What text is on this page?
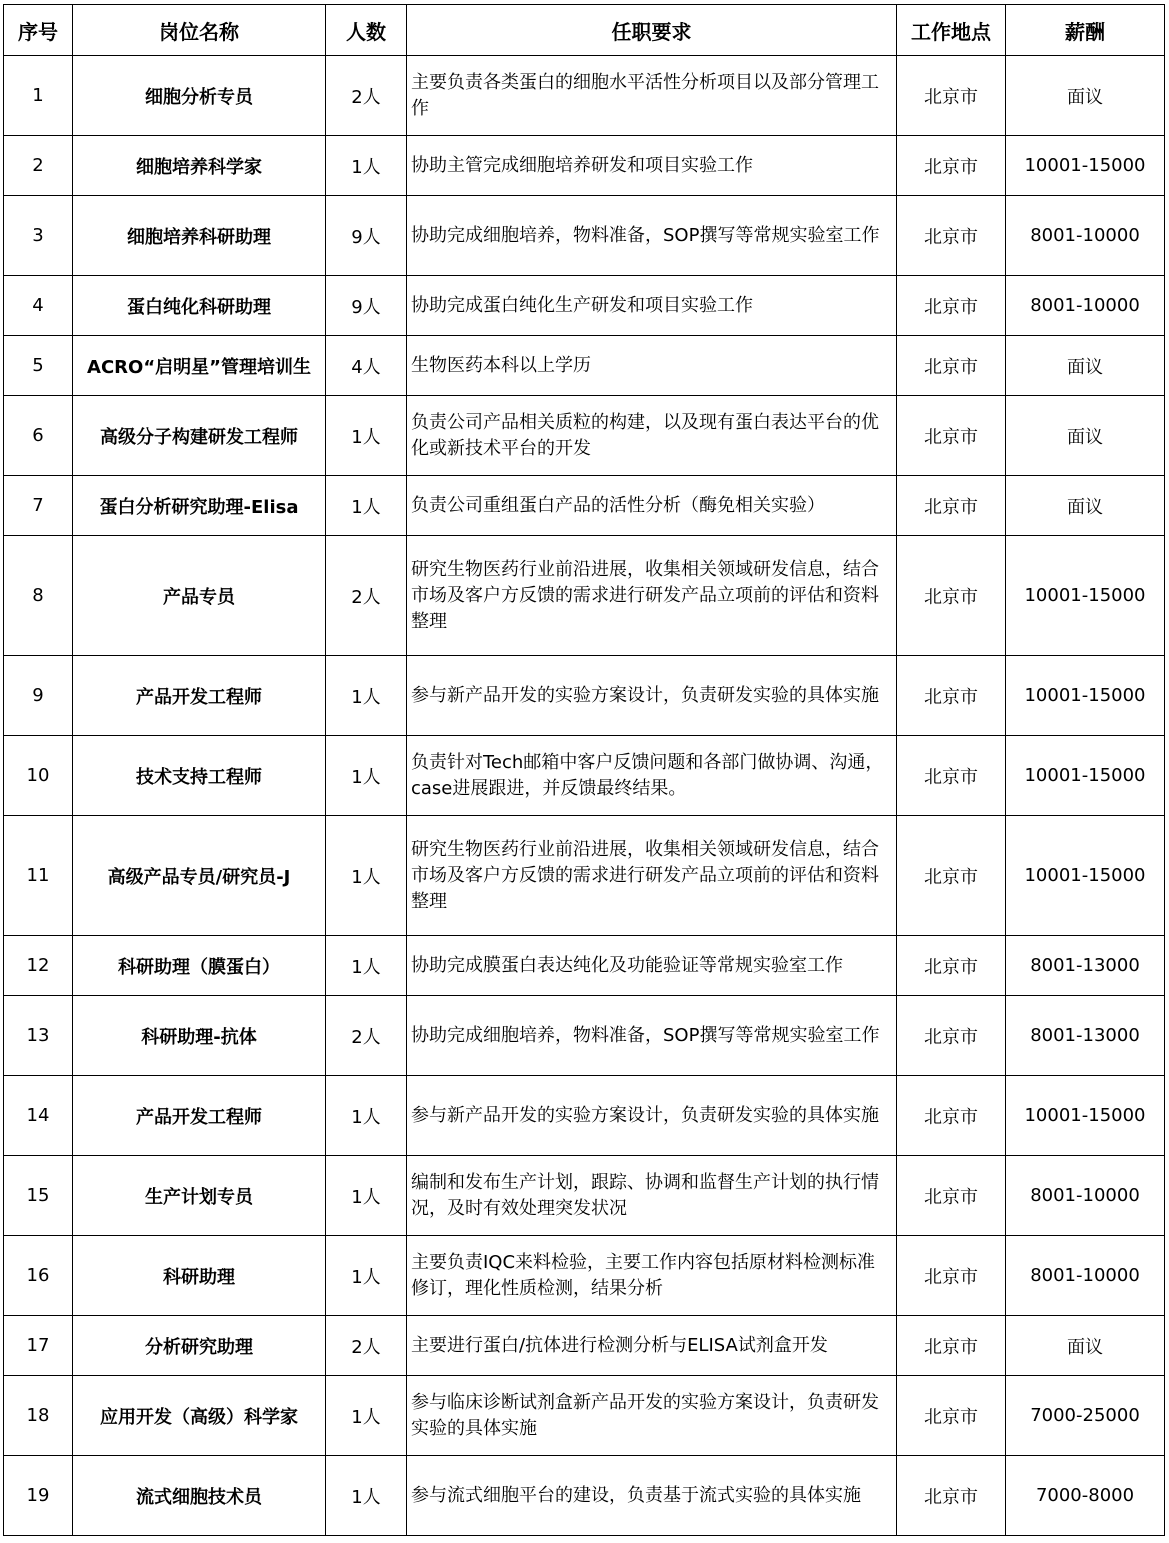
序号	岗位名称	人数	任职要求	工作地点	薪酬
1	细胞分析专员	2人	主要负责各类蛋白的细胞水平活性分析项目以及部分管理工作	北京市	面议
2	细胞培养科学家	1人	协助主管完成细胞培养研发和项目实验工作	北京市	10001-15000
3	细胞培养科研助理	9人	协助完成细胞培养，物料准备，SOP撰写等常规实验室工作	北京市	8001-10000
4	蛋白纯化科研助理	9人	协助完成蛋白纯化生产研发和项目实验工作	北京市	8001-10000
5	ACRO“启明星”管理培训生	4人	生物医药本科以上学历	北京市	面议
6	高级分子构建研发工程师	1人	负责公司产品相关质粒的构建，以及现有蛋白表达平台的优化或新技术平台的开发	北京市	面议
7	蛋白分析研究助理-Elisa	1人	负责公司重组蛋白产品的活性分析（酶免相关实验）	北京市	面议
8	产品专员	2人	研究生物医药行业前沿进展，收集相关领域研发信息，结合市场及客户方反馈的需求进行研发产品立项前的评估和资料整理	北京市	10001-15000
9	产品开发工程师	1人	参与新产品开发的实验方案设计，负责研发实验的具体实施	北京市	10001-15000
10	技术支持工程师	1人	负责针对Tech邮箱中客户反馈问题和各部门做协调、沟通，case进展跟进，并反馈最终结果。	北京市	10001-15000
11	高级产品专员/研究员-J	1人	研究生物医药行业前沿进展，收集相关领域研发信息，结合市场及客户方反馈的需求进行研发产品立项前的评估和资料整理	北京市	10001-15000
12	科研助理（膜蛋白）	1人	协助完成膜蛋白表达纯化及功能验证等常规实验室工作	北京市	8001-13000
13	科研助理-抗体	2人	协助完成细胞培养，物料准备，SOP撰写等常规实验室工作	北京市	8001-13000
14	产品开发工程师	1人	参与新产品开发的实验方案设计，负责研发实验的具体实施	北京市	10001-15000
15	生产计划专员	1人	编制和发布生产计划，跟踪、协调和监督生产计划的执行情况，及时有效处理突发状况	北京市	8001-10000
16	科研助理	1人	主要负责IQC来料检验，主要工作内容包括原材料检测标准修订，理化性质检测，结果分析	北京市	8001-10000
17	分析研究助理	2人	主要进行蛋白/抗体进行检测分析与ELISA试剂盒开发	北京市	面议
18	应用开发（高级）科学家	1人	参与临床诊断试剂盒新产品开发的实验方案设计，负责研发实验的具体实施	北京市	7000-25000
19	流式细胞技术员	1人	参与流式细胞平台的建设，负责基于流式实验的具体实施	北京市	7000-8000
